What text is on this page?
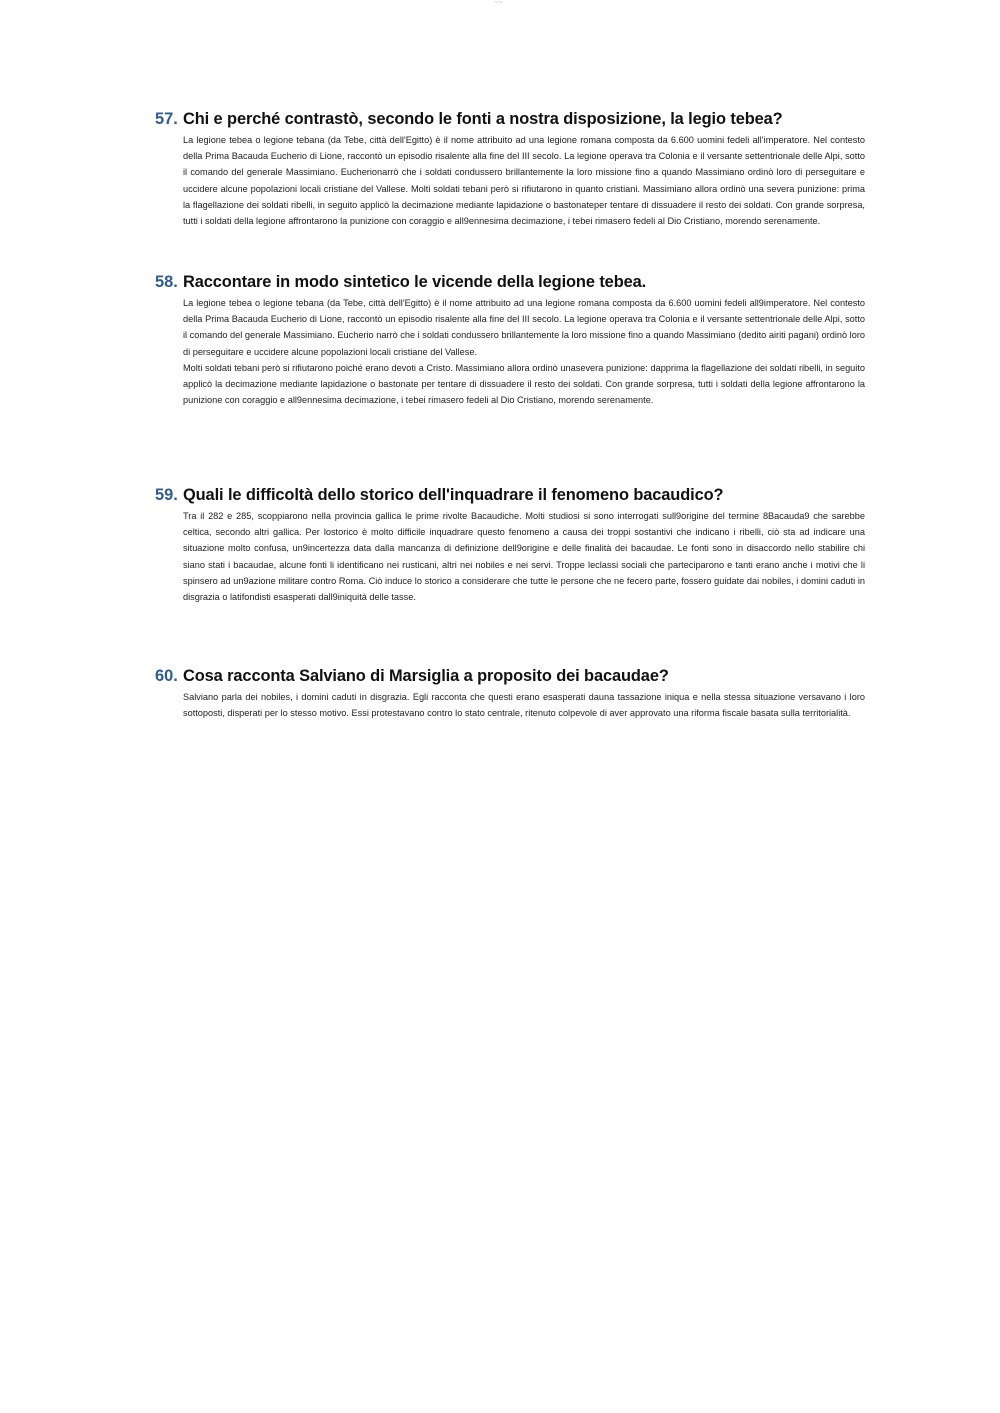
~~
57. Chi e perché contrastò, secondo le fonti a nostra disposizione, la legio tebea?

La legione tebea o legione tebana (da Tebe, città dell'Egitto) è il nome attribuito ad una legione romana composta da 6.600 uomini fedeli all’imperatore. Nel contesto della Prima Bacauda Eucherio di Lione, raccontò un episodio risalente alla fine del III secolo. La legione operava tra Colonia e il versante settentrionale delle Alpi, sotto il comando del generale Massimiano. Eucherionarrò che i soldati condussero brillantemente la loro missione fino a quando Massimiano ordinò loro di perseguitare e uccidere alcune popolazioni locali cristiane del Vallese. Molti soldati tebani però si rifiutarono in quanto cristiani. Massimiano allora ordinò una severa punizione: prima la flagellazione dei soldati ribelli, in seguito applicò la decimazione mediante lapidazione o bastonateper tentare di dissuadere il resto dei soldati. Con grande sorpresa, tutti i soldati della legione affrontarono la punizione con coraggio e all9ennesima decimazione, i tebei rimasero fedeli al Dio Cristiano, morendo serenamente.

58. Raccontare in modo sintetico le vicende della legione tebea.

La legione tebea o legione tebana (da Tebe, città dell'Egitto) è il nome attribuito ad una legione romana composta da 6.600 uomini fedeli all9imperatore. Nel contesto della Prima Bacauda Eucherio di Lione, raccontò un episodio risalente alla fine del III secolo. La legione operava tra Colonia e il versante settentrionale delle Alpi, sotto il comando del generale Massimiano. Eucherio narrò che i soldati condussero brillantemente la loro missione fino a quando Massimiano (dedito airiti pagani) ordinò loro di perseguitare e uccidere alcune popolazioni locali cristiane del Vallese.

Molti soldati tebani però si rifiutarono poiché erano devoti a Cristo. Massimiano allora ordinò unasevera punizione: dapprima la flagellazione dei soldati ribelli, in seguito applicò la decimazione mediante lapidazione o bastonate per tentare di dissuadere il resto dei soldati. Con grande sorpresa, tutti i soldati della legione affrontarono la punizione con coraggio e all9ennesima decimazione, i tebei rimasero fedeli al Dio Cristiano, morendo serenamente.

59. Quali le difficoltà dello storico dell'inquadrare il fenomeno bacaudico?

Tra il 282 e 285, scoppiarono nella provincia gallica le prime rivolte Bacaudiche. Molti studiosi si sono interrogati sull9origine del termine 8Bacauda9 che sarebbe celtica, secondo altri gallica. Per lostorico è molto difficile inquadrare questo fenomeno a causa dei troppi sostantivi che indicano i ribelli, ciò sta ad indicare una situazione molto confusa, un9incertezza data dalla mancanza di definizione dell9origine e delle finalità dei bacaudae. Le fonti sono in disaccordo nello stabilire chi siano stati i bacaudae, alcune fonti li identificano nei rusticani, altri nei nobiles e nei servi. Troppe leclassi sociali che parteciparono e tanti erano anche i motivi che li spinsero ad un9azione militare contro Roma. Ciò induce lo storico a considerare che tutte le persone che ne fecero parte, fossero guidate dai nobiles, i domini caduti in disgrazia o latifondisti esasperati dall9iniquità delle tasse.

60. Cosa racconta Salviano di Marsiglia a proposito dei bacaudae?

Salviano parla dei nobiles, i domini caduti in disgrazia. Egli racconta che questi erano esasperati dauna tassazione iniqua e nella stessa situazione versavano i loro sottoposti, disperati per lo stesso motivo. Essi protestavano contro lo stato centrale, ritenuto colpevole di aver approvato una riforma fiscale basata sulla territorialità.
